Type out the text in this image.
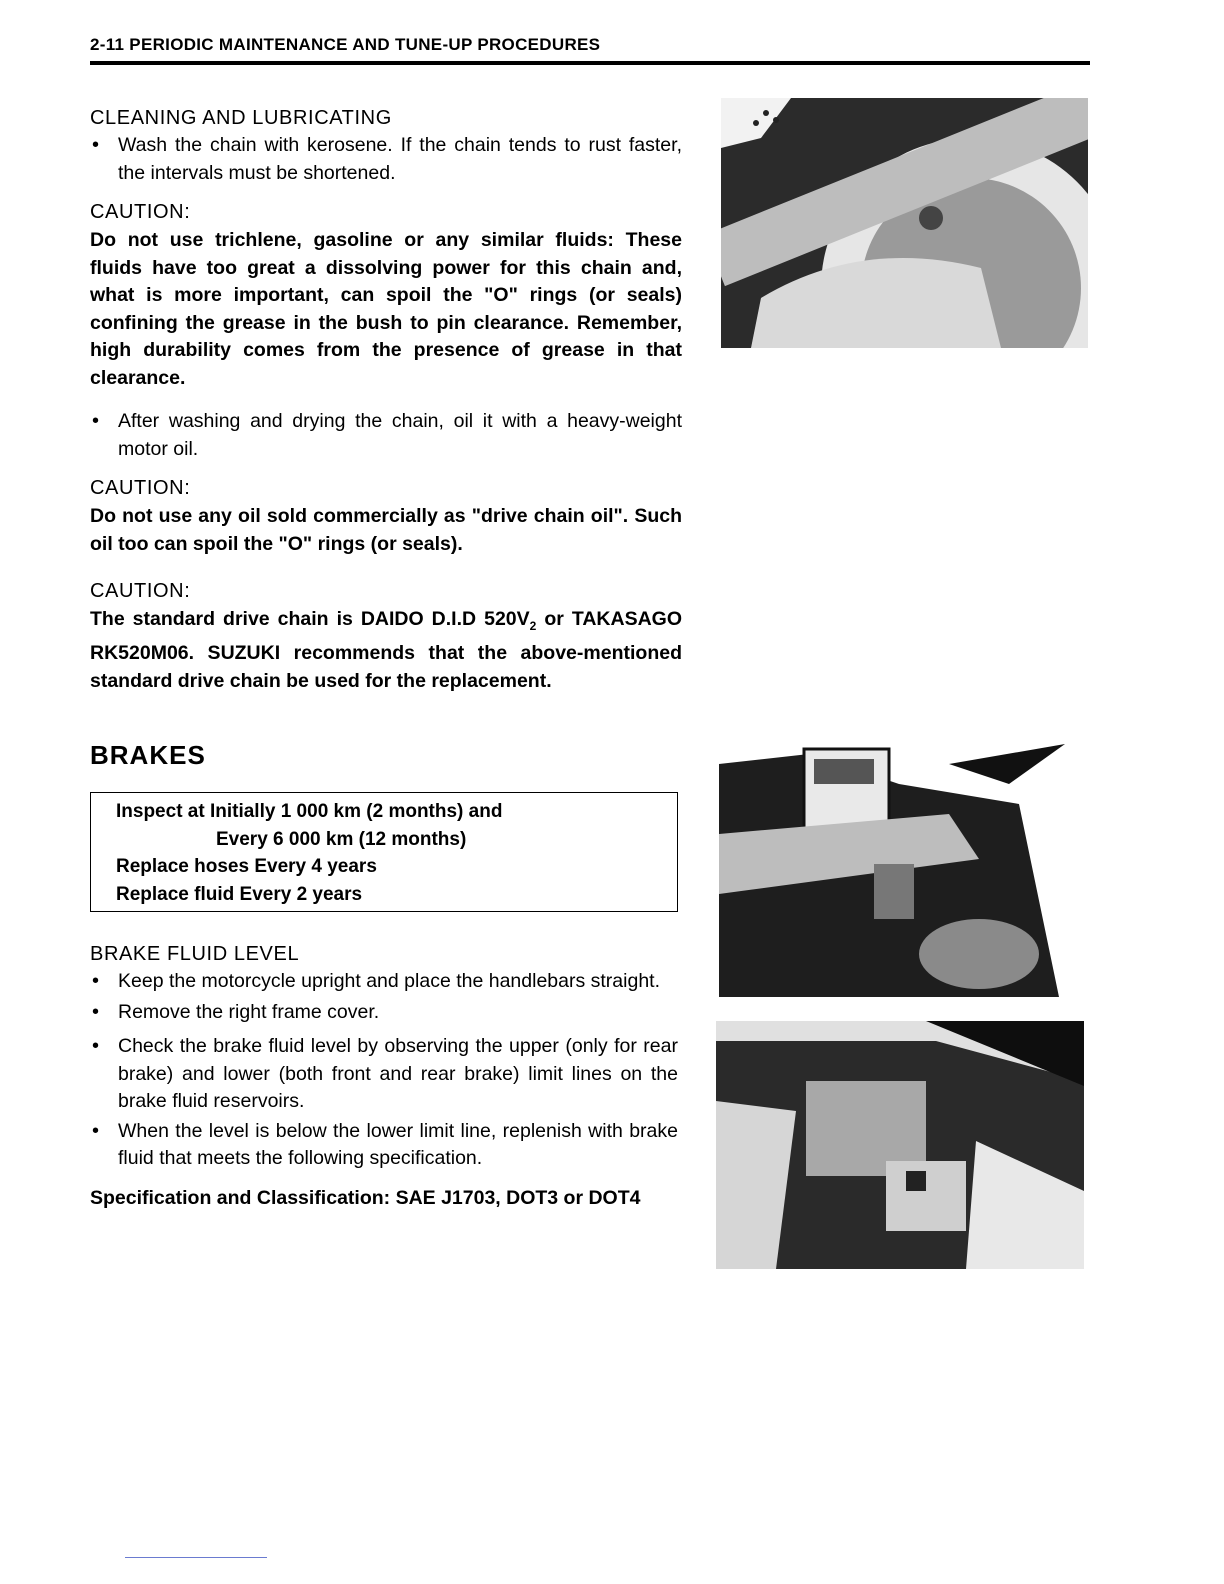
2-11 PERIODIC MAINTENANCE AND TUNE-UP PROCEDURES
CLEANING AND LUBRICATING
• Wash the chain with kerosene. If the chain tends to rust faster, the intervals must be shortened.
CAUTION:
Do not use trichlene, gasoline or any similar fluids: These fluids have too great a dissolving power for this chain and, what is more important, can spoil the "O" rings (or seals) confining the grease in the bush to pin clearance. Remember, high durability comes from the presence of grease in that clearance.
• After washing and drying the chain, oil it with a heavy-weight motor oil.
CAUTION:
Do not use any oil sold commercially as "drive chain oil". Such oil too can spoil the "O" rings (or seals).
CAUTION:
The standard drive chain is DAIDO D.I.D $520V_2$ or TAKASAGO RK520M06. SUZUKI recommends that the above-mentioned standard drive chain be used for the replacement.
BRAKES
Inspect at Initially 1 000 km (2 months) and
Every 6 000 km (12 months)
Replace hoses Every 4 years
Replace fluid Every 2 years
BRAKE FLUID LEVEL
• Keep the motorcycle upright and place the handlebars straight.
• Remove the right frame cover.
• Check the brake fluid level by observing the upper (only for rear brake) and lower (both front and rear brake) limit lines on the brake fluid reservoirs.
• When the level is below the lower limit line, replenish with brake fluid that meets the following specification.
Specification and Classification: SAE J1703, DOT3 or DOT4
